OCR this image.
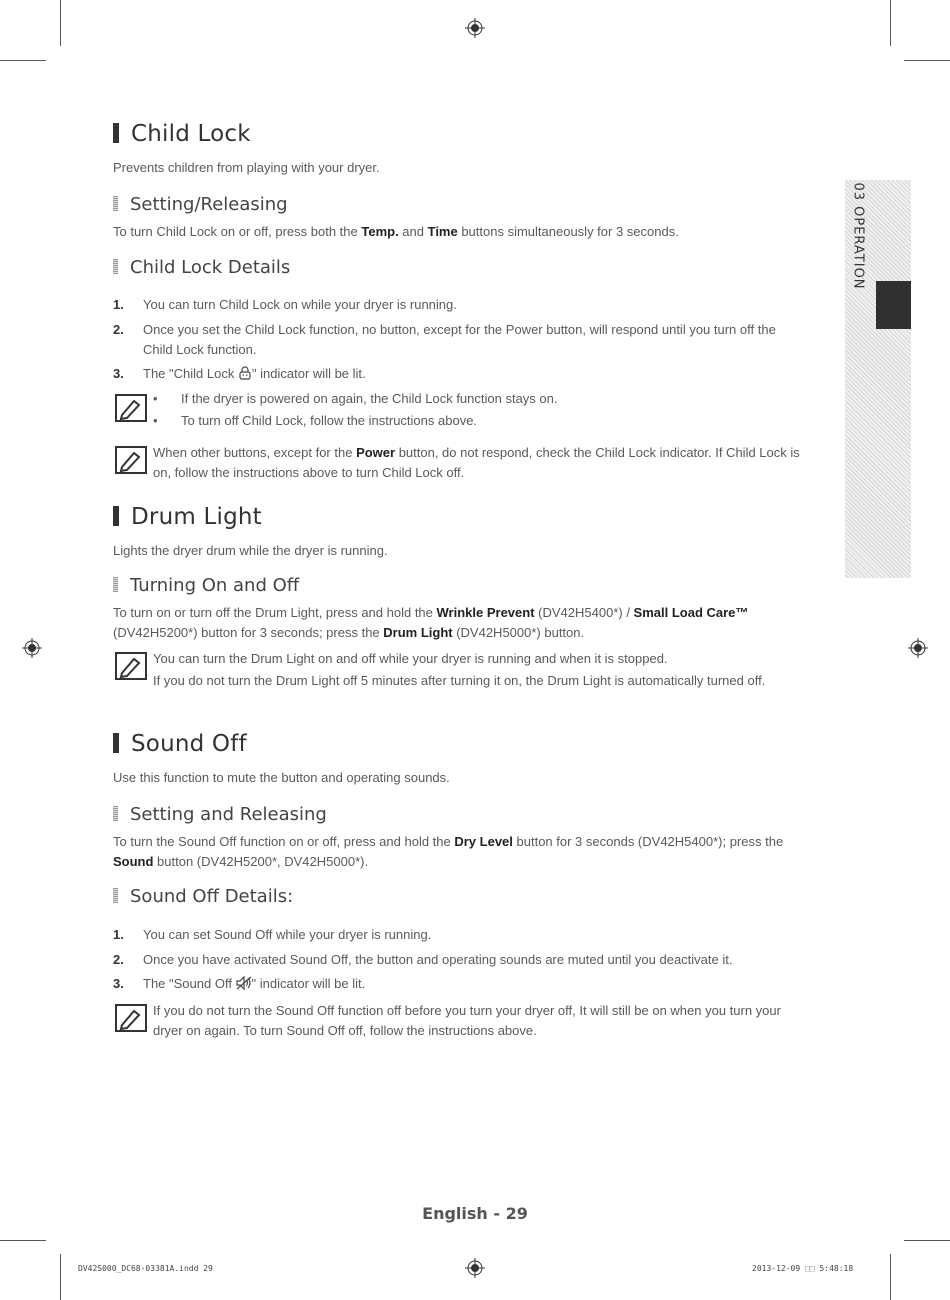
03 OPERATION
Child Lock
Prevents children from playing with your dryer.
Setting/Releasing
To turn Child Lock on or off, press both the Temp. and Time buttons simultaneously for 3 seconds.
Child Lock Details
1. You can turn Child Lock on while your dryer is running.
2. Once you set the Child Lock function, no button, except for the Power button, will respond until you turn off the Child Lock function.
3. The "Child Lock " indicator will be lit.
• If the dryer is powered on again, the Child Lock function stays on.
• To turn off Child Lock, follow the instructions above.
When other buttons, except for the Power button, do not respond, check the Child Lock indicator. If Child Lock is on, follow the instructions above to turn Child Lock off.
Drum Light
Lights the dryer drum while the dryer is running.
Turning On and Off
To turn on or turn off the Drum Light, press and hold the Wrinkle Prevent (DV42H5400*) / Small Load Care™ (DV42H5200*) button for 3 seconds; press the Drum Light (DV42H5000*) button.
You can turn the Drum Light on and off while your dryer is running and when it is stopped.
If you do not turn the Drum Light off 5 minutes after turning it on, the Drum Light is automatically turned off.
Sound Off
Use this function to mute the button and operating sounds.
Setting and Releasing
To turn the Sound Off function on or off, press and hold the Dry Level button for 3 seconds (DV42H5400*); press the Sound button (DV42H5200*, DV42H5000*).
Sound Off Details:
1. You can set Sound Off while your dryer is running.
2. Once you have activated Sound Off, the button and operating sounds are muted until you deactivate it.
3. The "Sound Off " indicator will be lit.
If you do not turn the Sound Off function off before you turn your dryer off, It will still be on when you turn your dryer on again. To turn Sound Off off, follow the instructions above.
English - 29
DV42S000_DC68-03381A.indd 29	2013-12-09 ⬚⬚ 5:48:18
